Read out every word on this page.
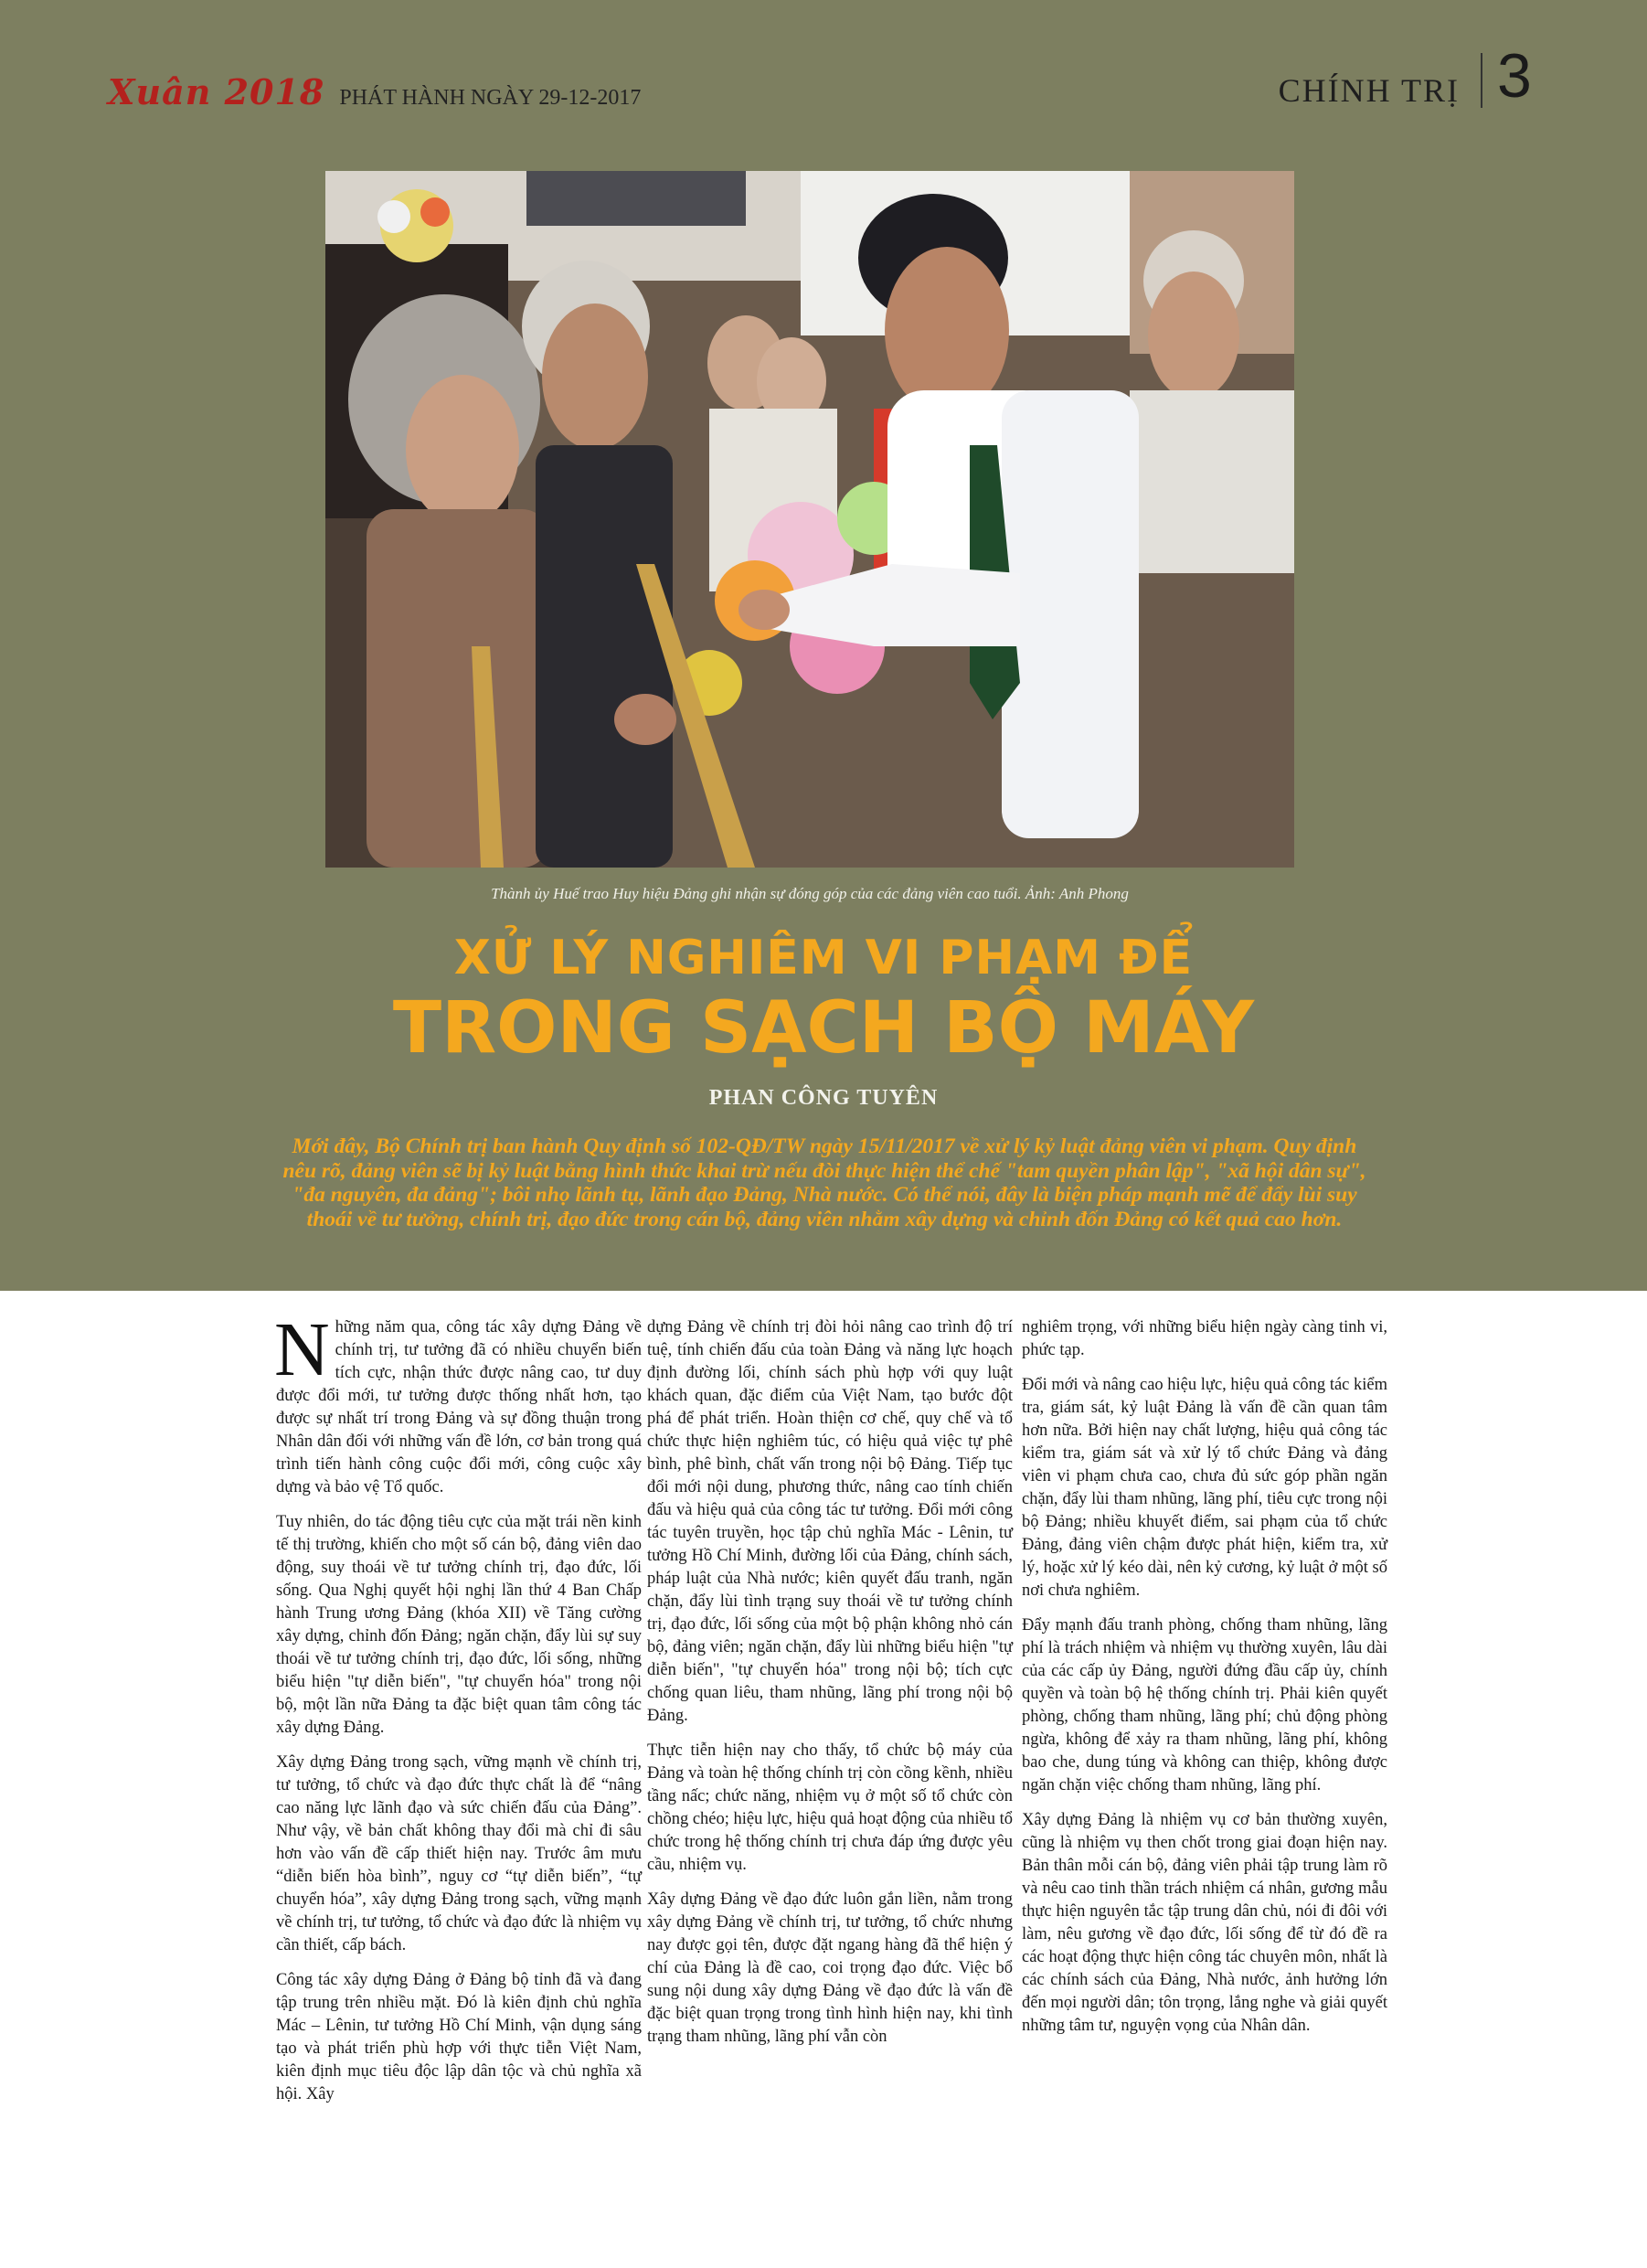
Xuân 2018 PHÁT HÀNH NGÀY 29-12-2017	CHÍNH TRỊ 3
Thành ủy Huế trao Huy hiệu Đảng ghi nhận sự đóng góp của các đảng viên cao tuổi. Ảnh: Anh Phong
XỬ LÝ NGHIÊM VI PHẠM ĐỂ
TRONG SẠCH BỘ MÁY
PHAN CÔNG TUYÊN
Mới đây, Bộ Chính trị ban hành Quy định số 102-QĐ/TW ngày 15/11/2017 về xử lý kỷ luật đảng viên vi phạm. Quy định nêu rõ, đảng viên sẽ bị kỷ luật bằng hình thức khai trừ nếu đòi thực hiện thể chế "tam quyền phân lập", "xã hội dân sự", "đa nguyên, đa đảng"; bôi nhọ lãnh tụ, lãnh đạo Đảng, Nhà nước. Có thể nói, đây là biện pháp mạnh mẽ để đẩy lùi suy thoái về tư tưởng, chính trị, đạo đức trong cán bộ, đảng viên nhằm xây dựng và chỉnh đốn Đảng có kết quả cao hơn.

Những năm qua, công tác xây dựng Đảng về chính trị, tư tưởng đã có nhiều chuyển biến tích cực, nhận thức được nâng cao, tư duy được đổi mới, tư tưởng được thống nhất hơn, tạo được sự nhất trí trong Đảng và sự đồng thuận trong Nhân dân đối với những vấn đề lớn, cơ bản trong quá trình tiến hành công cuộc đổi mới, công cuộc xây dựng và bảo vệ Tổ quốc.

Tuy nhiên, do tác động tiêu cực của mặt trái nền kinh tế thị trường, khiến cho một số cán bộ, đảng viên dao động, suy thoái về tư tưởng chính trị, đạo đức, lối sống. Qua Nghị quyết hội nghị lần thứ 4 Ban Chấp hành Trung ương Đảng (khóa XII) về Tăng cường xây dựng, chỉnh đốn Đảng; ngăn chặn, đẩy lùi sự suy thoái về tư tưởng chính trị, đạo đức, lối sống, những biểu hiện "tự diễn biến", "tự chuyển hóa" trong nội bộ, một lần nữa Đảng ta đặc biệt quan tâm công tác xây dựng Đảng.

Xây dựng Đảng trong sạch, vững mạnh về chính trị, tư tưởng, tổ chức và đạo đức thực chất là để “nâng cao năng lực lãnh đạo và sức chiến đấu của Đảng”. Như vậy, về bản chất không thay đổi mà chỉ đi sâu hơn vào vấn đề cấp thiết hiện nay. Trước âm mưu “diễn biến hòa bình”, nguy cơ “tự diễn biến”, “tự chuyển hóa”, xây dựng Đảng trong sạch, vững mạnh về chính trị, tư tưởng, tổ chức và đạo đức là nhiệm vụ cần thiết, cấp bách.

Công tác xây dựng Đảng ở Đảng bộ tỉnh đã và đang tập trung trên nhiều mặt. Đó là kiên định chủ nghĩa Mác – Lênin, tư tưởng Hồ Chí Minh, vận dụng sáng tạo và phát triển phù hợp với thực tiễn Việt Nam, kiên định mục tiêu độc lập dân tộc và chủ nghĩa xã hội. Xây

dựng Đảng về chính trị đòi hỏi nâng cao trình độ trí tuệ, tính chiến đấu của toàn Đảng và năng lực hoạch định đường lối, chính sách phù hợp với quy luật khách quan, đặc điểm của Việt Nam, tạo bước đột phá để phát triển. Hoàn thiện cơ chế, quy chế và tổ chức thực hiện nghiêm túc, có hiệu quả việc tự phê bình, phê bình, chất vấn trong nội bộ Đảng. Tiếp tục đổi mới nội dung, phương thức, nâng cao tính chiến đấu và hiệu quả của công tác tư tưởng. Đổi mới công tác tuyên truyền, học tập chủ nghĩa Mác - Lênin, tư tưởng Hồ Chí Minh, đường lối của Đảng, chính sách, pháp luật của Nhà nước; kiên quyết đấu tranh, ngăn chặn, đẩy lùi tình trạng suy thoái về tư tưởng chính trị, đạo đức, lối sống của một bộ phận không nhỏ cán bộ, đảng viên; ngăn chặn, đẩy lùi những biểu hiện "tự diễn biến", "tự chuyển hóa" trong nội bộ; tích cực chống quan liêu, tham nhũng, lãng phí trong nội bộ Đảng.

Thực tiễn hiện nay cho thấy, tổ chức bộ máy của Đảng và toàn hệ thống chính trị còn cồng kềnh, nhiều tầng nấc; chức năng, nhiệm vụ ở một số tổ chức còn chồng chéo; hiệu lực, hiệu quả hoạt động của nhiều tổ chức trong hệ thống chính trị chưa đáp ứng được yêu cầu, nhiệm vụ.

Xây dựng Đảng về đạo đức luôn gắn liền, nằm trong xây dựng Đảng về chính trị, tư tưởng, tổ chức nhưng nay được gọi tên, được đặt ngang hàng đã thể hiện ý chí của Đảng là đề cao, coi trọng đạo đức. Việc bổ sung nội dung xây dựng Đảng về đạo đức là vấn đề đặc biệt quan trọng trong tình hình hiện nay, khi tình trạng tham nhũng, lãng phí vẫn còn

nghiêm trọng, với những biểu hiện ngày càng tinh vi, phức tạp.

Đổi mới và nâng cao hiệu lực, hiệu quả công tác kiểm tra, giám sát, kỷ luật Đảng là vấn đề cần quan tâm hơn nữa. Bởi hiện nay chất lượng, hiệu quả công tác kiểm tra, giám sát và xử lý tổ chức Đảng và đảng viên vi phạm chưa cao, chưa đủ sức góp phần ngăn chặn, đẩy lùi tham nhũng, lãng phí, tiêu cực trong nội bộ Đảng; nhiều khuyết điểm, sai phạm của tổ chức Đảng, đảng viên chậm được phát hiện, kiểm tra, xử lý, hoặc xử lý kéo dài, nên kỷ cương, kỷ luật ở một số nơi chưa nghiêm.

Đẩy mạnh đấu tranh phòng, chống tham nhũng, lãng phí là trách nhiệm và nhiệm vụ thường xuyên, lâu dài của các cấp ủy Đảng, người đứng đầu cấp ủy, chính quyền và toàn bộ hệ thống chính trị. Phải kiên quyết phòng, chống tham nhũng, lãng phí; chủ động phòng ngừa, không để xảy ra tham nhũng, lãng phí, không bao che, dung túng và không can thiệp, không được ngăn chặn việc chống tham nhũng, lãng phí.

Xây dựng Đảng là nhiệm vụ cơ bản thường xuyên, cũng là nhiệm vụ then chốt trong giai đoạn hiện nay. Bản thân mỗi cán bộ, đảng viên phải tập trung làm rõ và nêu cao tinh thần trách nhiệm cá nhân, gương mẫu thực hiện nguyên tắc tập trung dân chủ, nói đi đôi với làm, nêu gương về đạo đức, lối sống để từ đó đề ra các hoạt động thực hiện công tác chuyên môn, nhất là các chính sách của Đảng, Nhà nước, ảnh hưởng lớn đến mọi người dân; tôn trọng, lắng nghe và giải quyết những tâm tư, nguyện vọng của Nhân dân.
